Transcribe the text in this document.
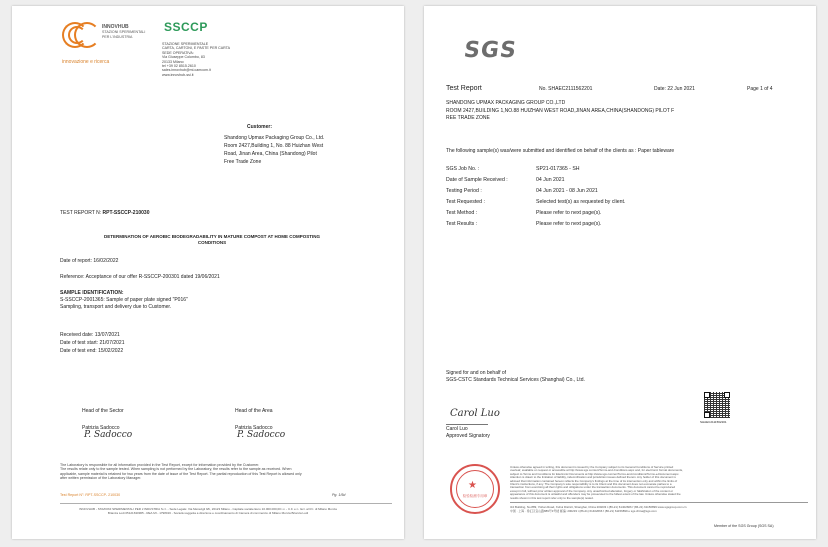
INNOVHUB
STAZIONI SPERIMENTALI
PER L'INDUSTRIA
innovazione e ricerca
SSCCP
STAZIONE SPERIMENTALE
CARTA, CARTONI, E PASTE PER CARTA
SEDE OPERATIVA:
Via Giuseppe Colombo, 83
20133 Milano
tel +39 02 8515.2610
sales.innovhub@mi.camcom.it
www.innovhub-ssi.it
Customer:
Shandong Upmax Packaging Group Co., Ltd.
Room 2427,Building 1, No. 88 Huizhan West
Road, Jinan Area, China (Shandong) Pilot
Free Trade Zone
TEST REPORT N: RPT-SSCCP-210030
DETERMINATION OF AEROBIC BIODEGRADABILITY IN MATURE COMPOST AT HOME COMPOSTING
CONDITIONS
Date of report: 16/02/2022
Reference: Acceptance of our offer R-SSCCP-200301 dated 19/06/2021
SAMPLE IDENTIFICATION:
S-SSCCP-2001365: Sample of paper plate signed "P016"
Sampling, transport and delivery due to Customer.
Received date: 13/07/2021
Date of test start: 21/07/2021
Date of test end: 15/02/2022
Head of the Sector
Patrizia Sadocco
P. Sadocco
Head of the Area
Patrizia Sadocco
P. Sadocco
The Laboratory is responsible for all information provided in the Test Report, except for information provided by the Customer.
The results relate only to the sample tested. When sampling is not performed by the Laboratory, the results refer to the sample as received. When
applicable, sample material is retained for two years from the date of issue of the Test Report. The partial reproduction of this Test Report is allowed only
after written permission of the Laboratory Manager.
Test Report N°: RPT-SSCCP- 210030	Pg. 1/5d
INNOVHUB - STAZIONI SPERIMENTALI PER L'INDUSTRIA S.r.l. - Sede Legale: Via Meravigli 9/b, 20123 Milano - Capitale sociale Euro 10.000.000,00 i.v. - C.F. e n. Iscr. al R.I. di Milano Monza
Brianza Lodi 05121630965 - REA MI - 1798016 - Società soggetta a direzione e coordinamento di Camera di commercio di Milano Monza Brianza Lodi
SGS
Test Report	No. SHAEC2111562201	Date: 22 Jun 2021	Page 1 of 4
SHANDONG UPMAX PACKAGING GROUP CO.,LTD
ROOM 2427,BUILDING 1,NO.88 HUIZHAN WEST ROAD,JINAN AREA,CHINA(SHANDONG) PILOT F
REE TRADE ZONE
The following sample(s) was/were submitted and identified on behalf of the clients as : Paper tableware
SGS Job No. :	SP21-017365 - SH
Date of Sample Received :	04 Jun 2021
Testing Period :	04 Jun 2021 - 08 Jun 2021
Test Requested :	Selected test(s) as requested by client.
Test Method :	Please refer to next page(s).
Test Results :	Please refer to next page(s).
Signed for and on behalf of
SGS-CSTC Standards Technical Services (Shanghai) Co., Ltd.
Carol Luo
Carol Luo
Approved Signatory
SHAEC2111562201
★
检验检测专用章
Unless otherwise agreed in writing, this document is issued by the Company subject to its General Conditions of Service printed
overleaf, available on request or accessible at http://www.sgs.com/en/Terms-and-Conditions.aspx and, for electronic format documents,
subject to Terms and Conditions for Electronic Documents at http://www.sgs.com/en/Terms-and-Conditions/Terms-e-Document.aspx.
Attention is drawn to the limitation of liability, indemnification and jurisdiction issues defined therein. Any holder of this document is
advised that information contained hereon reflects the Company's findings at the time of its intervention only and within the limits of
Client's instructions, if any. The Company's sole responsibility is to its Client and this document does not exonerate parties to a
transaction from exercising all their rights and obligations under the transaction documents. This document cannot be reproduced
except in full, without prior written approval of the Company. Any unauthorized alteration, forgery or falsification of the content or
appearance of this document is unlawful and offenders may be prosecuted to the fullest extent of the law. Unless otherwise stated the
results shown in this test report refer only to the sample(s) tested.
3rd Building, No.889, Yishan Road, Xuhui District, Shanghai, China 200233 t (86-21) 61402666 f (86-21) 61156899 www.sgsgroup.com.cn
中国 · 上海 · 徐汇区宜山路889号3号楼 邮编: 200233 t (86-21) 61402666 f (86-21) 61156899 e sgs.china@sgs.com
Member of the SGS Group (SGS SA)
